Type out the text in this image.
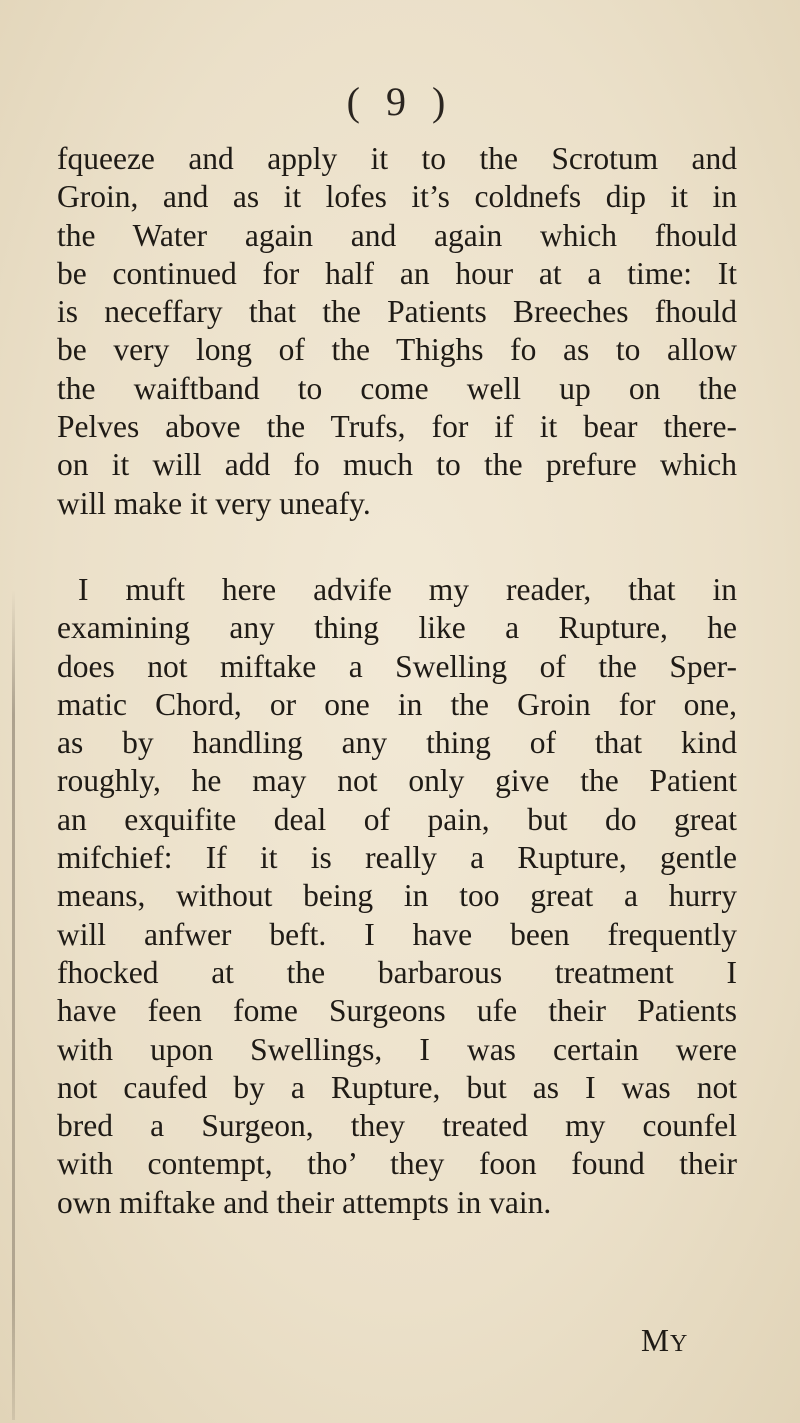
( 9 )
fqueeze and apply it to the Scrotum and
Groin, and as it lofes it’s coldnefs dip it in
the Water again and again which fhould
be continued for half an hour at a time: It
is neceffary that the Patients Breeches fhould
be very long of the Thighs fo as to allow
the waiftband to come well up on the
Pelves above the Trufs, for if it bear there-
on it will add fo much to the prefure which
will make it very uneafy.
I muft here advife my reader, that in
examining any thing like a Rupture, he
does not miftake a Swelling of the Sper-
matic Chord, or one in the Groin for one,
as by handling any thing of that kind
roughly, he may not only give the Patient
an exquifite deal of pain, but do great
mifchief: If it is really a Rupture, gentle
means, without being in too great a hurry
will anfwer beft. I have been frequently
fhocked at the barbarous treatment I
have feen fome Surgeons ufe their Patients
with upon Swellings, I was certain were
not caufed by a Rupture, but as I was not
bred a Surgeon, they treated my counfel
with contempt, tho’ they foon found their
own miftake and their attempts in vain.
MY
